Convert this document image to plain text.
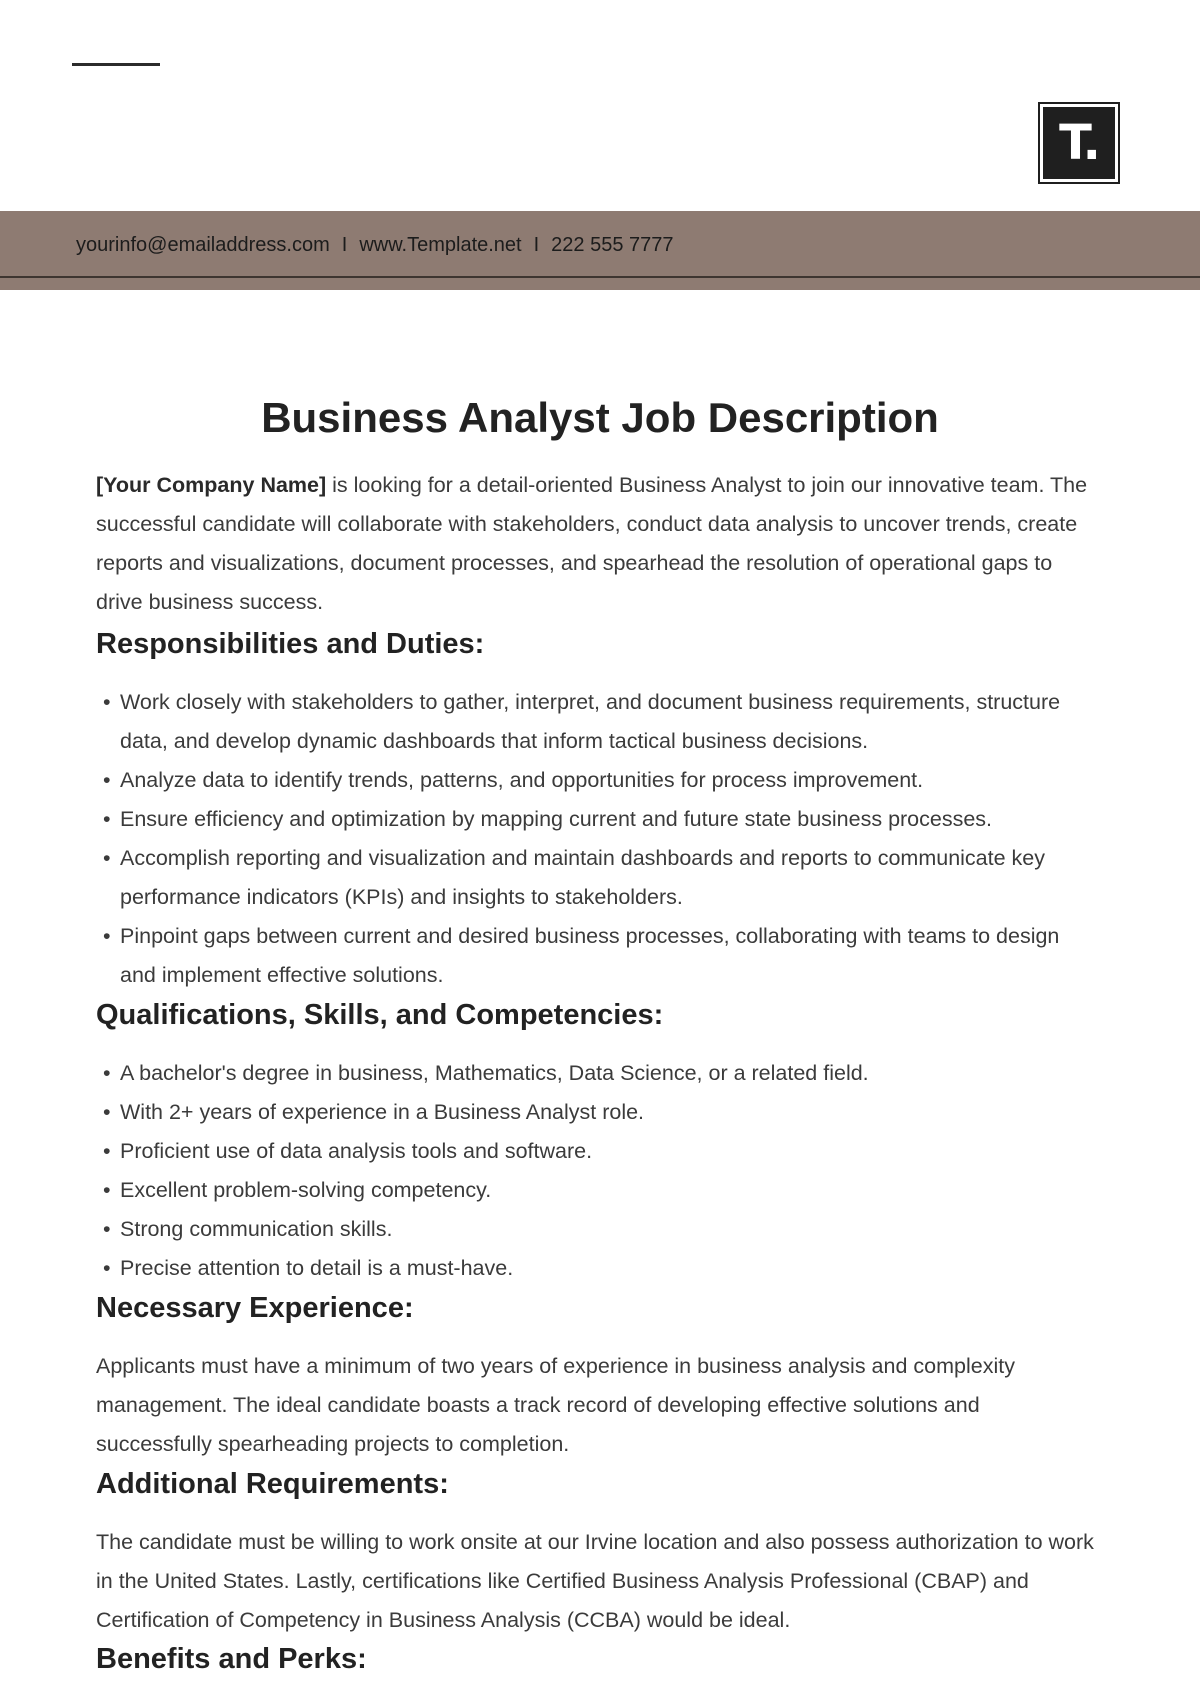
T.
yourinfo@emailaddress.com I www.Template.net I 222 555 7777
Business Analyst Job Description

[Your Company Name] is looking for a detail-oriented Business Analyst to join our innovative team. The successful candidate will collaborate with stakeholders, conduct data analysis to uncover trends, create reports and visualizations, document processes, and spearhead the resolution of operational gaps to drive business success.

Responsibilities and Duties:
• Work closely with stakeholders to gather, interpret, and document business requirements, structure data, and develop dynamic dashboards that inform tactical business decisions.
• Analyze data to identify trends, patterns, and opportunities for process improvement.
• Ensure efficiency and optimization by mapping current and future state business processes.
• Accomplish reporting and visualization and maintain dashboards and reports to communicate key performance indicators (KPIs) and insights to stakeholders.
• Pinpoint gaps between current and desired business processes, collaborating with teams to design and implement effective solutions.
Qualifications, Skills, and Competencies:
• A bachelor's degree in business, Mathematics, Data Science, or a related field.
• With 2+ years of experience in a Business Analyst role.
• Proficient use of data analysis tools and software.
• Excellent problem-solving competency.
• Strong communication skills.
• Precise attention to detail is a must-have.
Necessary Experience:

Applicants must have a minimum of two years of experience in business analysis and complexity management. The ideal candidate boasts a track record of developing effective solutions and successfully spearheading projects to completion.

Additional Requirements:

The candidate must be willing to work onsite at our Irvine location and also possess authorization to work in the United States. Lastly, certifications like Certified Business Analysis Professional (CBAP) and Certification of Competency in Business Analysis (CCBA) would be ideal.

Benefits and Perks:
